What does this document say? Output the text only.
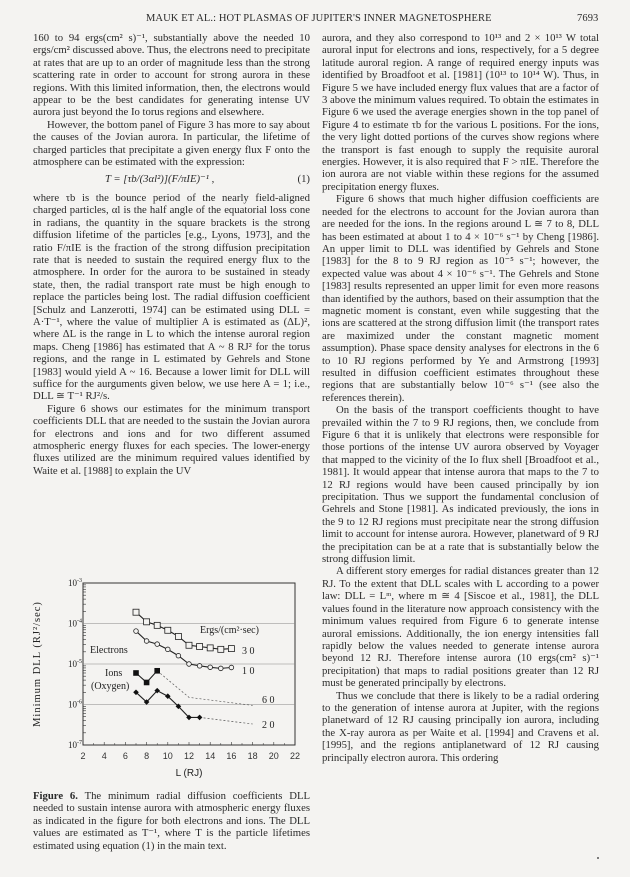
MAUK ET AL.: HOT PLASMAS OF JUPITER'S INNER MAGNETOSPHERE	7693

160 to 94 ergs(cm² s)⁻¹, substantially above the needed 10 ergs/cm² discussed above. Thus, the electrons need to precipitate at rates that are up to an order of magnitude less than the strong scattering rate in order to account for strong aurora in these regions. With this limited information, then, the electrons would appear to be the best candidates for generating intense UV aurora just beyond the Io torus regions and elsewhere.

However, the bottom panel of Figure 3 has more to say about the causes of the Jovian aurora. In particular, the lifetime of charged particles that precipitate a given energy flux F onto the atmosphere can be estimated with the expression:

T = [τb/(3αl²)](F/πIE)⁻¹ ,	(1)

where τb is the bounce period of the nearly field-aligned charged particles, αl is the half angle of the equatorial loss cone in radians, the quantity in the square brackets is the strong diffusion lifetime of the particles [e.g., Lyons, 1973], and the ratio F/πIE is the fraction of the strong diffusion precipitation rate that is needed to sustain the required energy flux to the atmosphere. In order for the aurora to be sustained in steady state, then, the radial transport rate must be high enough to replace the particles being lost. The radial diffusion coefficient [Schulz and Lanzerotti, 1974] can be estimated using DLL = A·T⁻¹, where the value of multiplier A is estimated as (ΔL)², where ΔL is the range in L to which the intense auroral region maps. Cheng [1986] has estimated that A ~ 8 RJ² for the torus regions, and the range in L estimated by Gehrels and Stone [1983] would yield A ~ 16. Because a lower limit for DLL will suffice for the aurguments given below, we use here A = 1; i.e., DLL ≅ T⁻¹ RJ²/s.

Figure 6 shows our estimates for the minimum transport coefficients DLL that are needed to the sustain the Jovian aurora for electrons and ions and for two different assumed atmospheric energy fluxes for each species. The lower-energy fluxes utilized are the minimum required values identified by Waite et al. [1988] to explain the UV

aurora, and they also correspond to 10¹³ and 2 × 10¹³ W total auroral input for electrons and ions, respectively, for a 5 degree latitude auroral region. A range of required energy inputs was identified by Broadfoot et al. [1981] (10¹³ to 10¹⁴ W). Thus, in Figure 5 we have included energy flux values that are a factor of 3 above the minimum values required. To obtain the estimates in Figure 6 we used the average energies shown in the top panel of Figure 4 to estimate τb for the various L positions. For the ions, the very light dotted portions of the curves show regions where the transport is fast enough to supply the requisite auroral energies. However, it is also required that F > πIE. Therefore the ion aurora are not viable within these regions for the assumed precipitation energy fluxes.

Figure 6 shows that much higher diffusion coefficients are needed for the electrons to account for the Jovian aurora than are needed for the ions. In the regions around L ≅ 7 to 8, DLL has been estimated at about 1 to 4 × 10⁻⁶ s⁻¹ by Cheng [1986]. An upper limit to DLL was identified by Gehrels and Stone [1983] for the 8 to 9 RJ region as 10⁻⁵ s⁻¹; however, the expected value was about 4 × 10⁻⁶ s⁻¹. The Gehrels and Stone [1983] results represented an upper limit for even more reasons than identified by the authors, based on their assumption that the magnetic moment is constant, even while suggesting that the ions are scattered at the strong diffusion limit (the transport rates are maximized under the constant magnetic moment assumption). Phase space density analyses for electrons in the 6 to 10 RJ regions performed by Ye and Armstrong [1993] resulted in diffusion coefficient estimates throughout these regions that are substantially below 10⁻⁶ s⁻¹ (see also the references therein).

On the basis of the transport coefficients thought to have prevailed within the 7 to 9 RJ regions, then, we conclude from Figure 6 that it is unlikely that electrons were responsible for those portions of the intense UV aurora observed by Voyager that mapped to the vicinity of the Io flux shell [Broadfoot et al., 1981]. It would appear that intense aurora that maps to the 7 to 12 RJ regions would have been caused principally by ion precipitation. Thus we support the fundamental conclusion of Gehrels and Stone [1981]. As indicated previously, the ions in the 9 to 12 RJ regions must precipitate near the strong diffusion limit to account for intense aurora. However, planetward of 9 RJ the precipitation can be at a rate that is substantially below the strong diffusion limit.

A different story emerges for radial distances greater than 12 RJ. To the extent that DLL scales with L according to a power law: DLL = Lᵐ, where m ≅ 4 [Siscoe et al., 1981], the DLL values found in the literature now approach consistency with the minimum values required from Figure 6 to generate intense auroral emissions. Additionally, the ion energy intensities fall rapidly below the values needed to generate intense aurora beyond 12 RJ. Therefore intense aurora (10 ergs(cm² s)⁻¹ precipitation) that maps to radial positions greater than 12 RJ must be generated principally by electrons.

Thus we conclude that there is likely to be a radial ordering to the generation of intense aurora at Jupiter, with the regions planetward of 12 RJ causing principally ion aurora, including the X-ray aurora as per Waite et al. [1994] and Cravens et al. [1995], and the regions antiplanetward of 12 RJ causing principally electron aurora. This ordering

10 -3
10 -4
10 -5
10 -6
10 -7
2 4 6 8 10 12 14 16 18 20 22
L (RJ)
Minimum DLL (RJ²/sec)	Ergs/(cm²·sec)
Electrons
Ions
(Oxygen)
3 0
1 0
6 0
2 0
Figure 6. The minimum radial diffusion coefficients DLL needed to sustain intense aurora with atmospheric energy fluxes as indicated in the figure for both electrons and ions. The DLL values are estimated as T⁻¹, where T is the particle lifetimes estimated using equation (1) in the main text.
